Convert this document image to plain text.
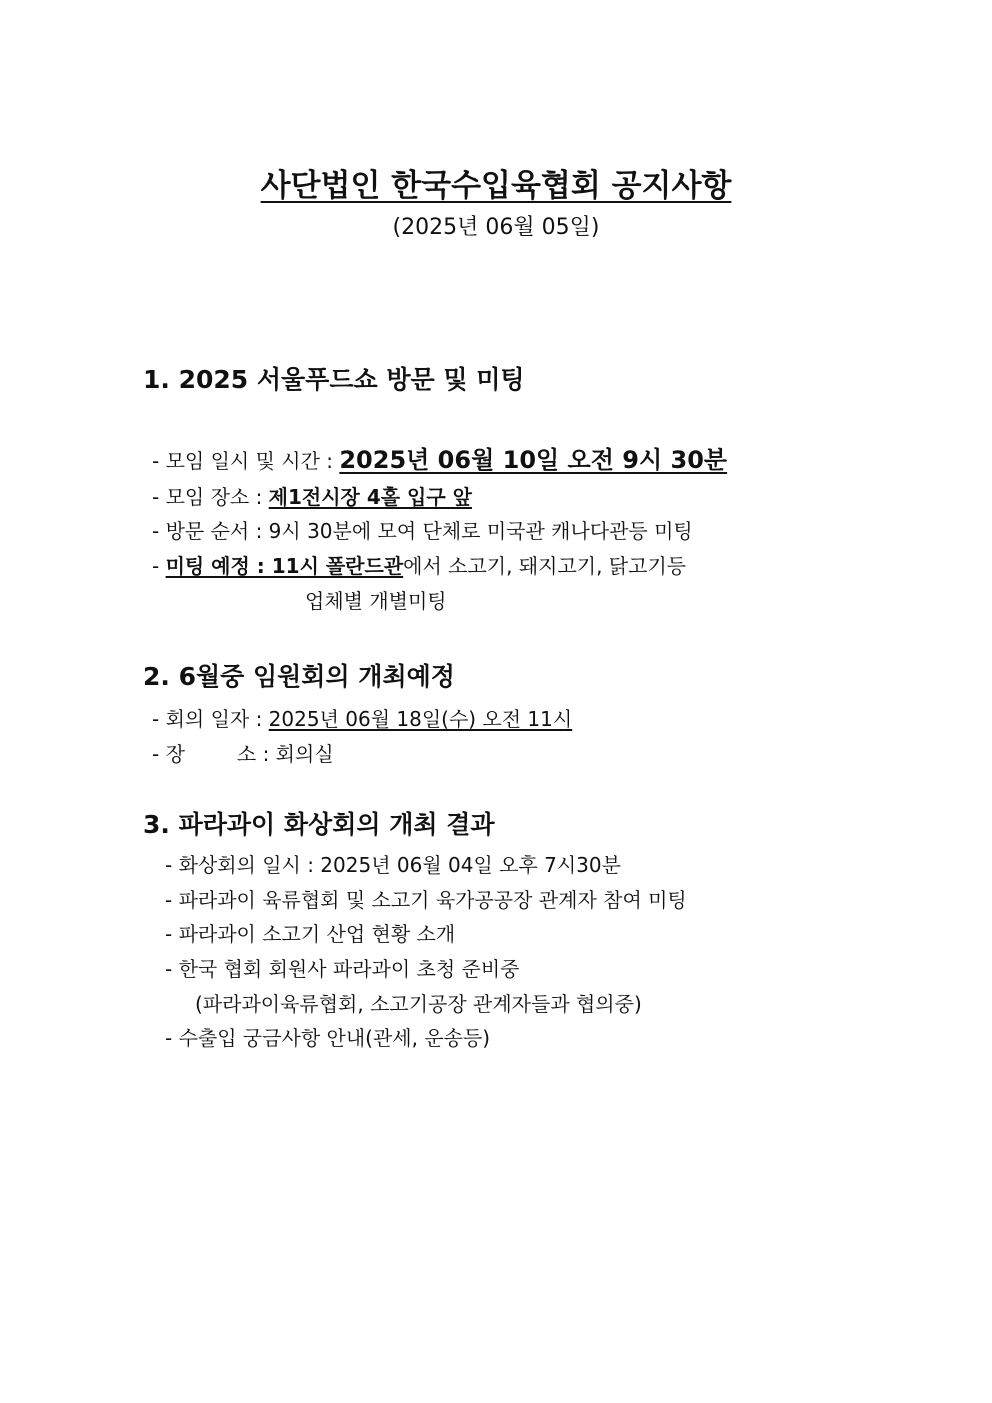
사단법인 한국수입육협회 공지사항
(2025년 06월 05일)
1. 2025 서울푸드쇼 방문 및 미팅
- 모임 일시 및 시간 : 2025년 06월 10일 오전 9시 30분
- 모임 장소 : 제1전시장 4홀 입구 앞
- 방문 순서 : 9시 30분에 모여 단체로 미국관 캐나다관등 미팅
- 미팅 예정 : 11시 폴란드관에서 소고기, 돼지고기, 닭고기등
업체별 개별미팅
2. 6월중 임원회의 개최예정
- 회의 일자 : 2025년 06월 18일(수) 오전 11시
- 장	소 : 회의실
3. 파라과이 화상회의 개최 결과
- 화상회의 일시 : 2025년 06월 04일 오후 7시30분
- 파라과이 육류협회 및 소고기 육가공공장 관계자 참여 미팅
- 파라과이 소고기 산업 현황 소개
- 한국 협회 회원사 파라과이 초청 준비중
(파라과이육류협회, 소고기공장 관계자들과 협의중)
- 수출입 궁금사항 안내(관세, 운송등)
